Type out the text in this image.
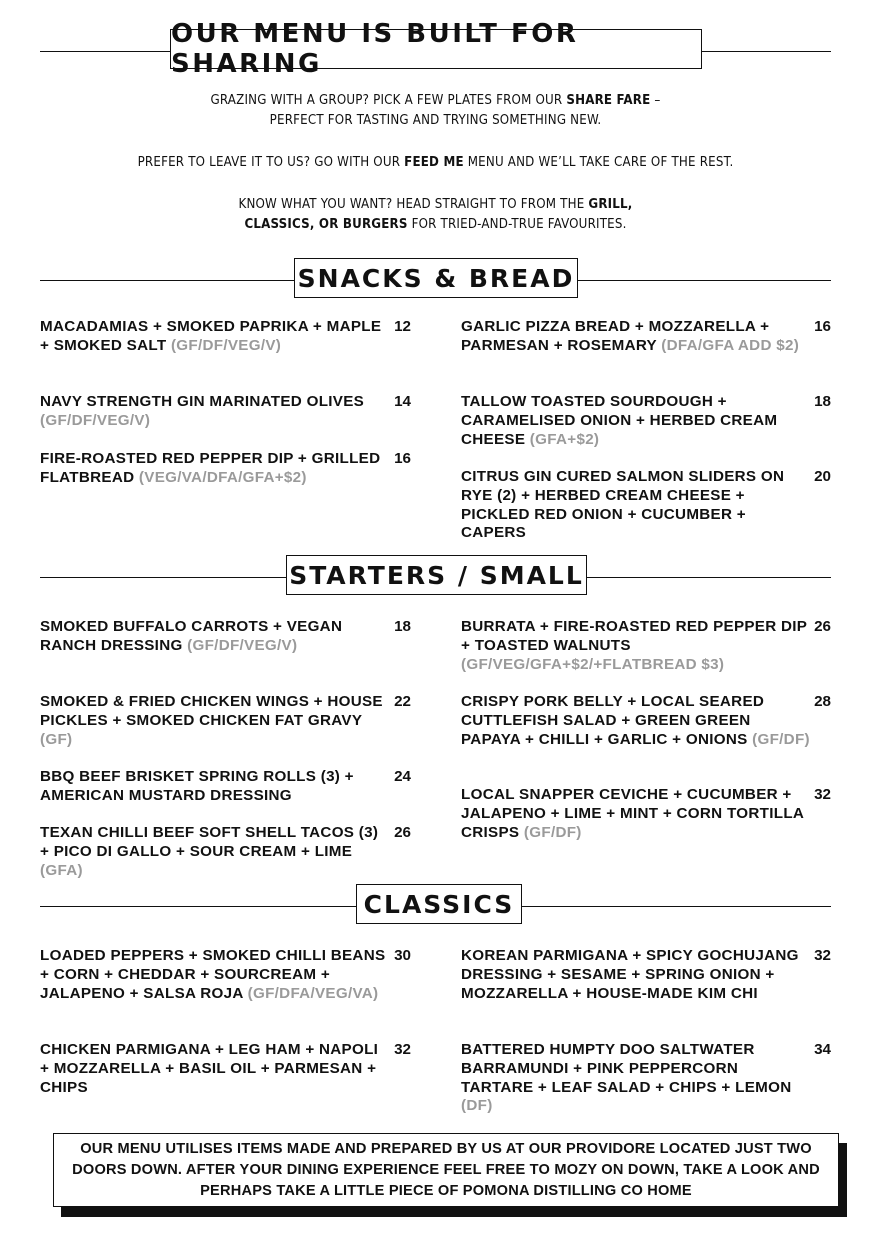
OUR MENU IS BUILT FOR SHARING
GRAZING WITH A GROUP? PICK A FEW PLATES FROM OUR SHARE FARE –
PERFECT FOR TASTING AND TRYING SOMETHING NEW.
PREFER TO LEAVE IT TO US? GO WITH OUR FEED ME MENU AND WE’LL TAKE CARE OF THE REST.
KNOW WHAT YOU WANT? HEAD STRAIGHT TO FROM THE GRILL,
CLASSICS, OR BURGERS FOR TRIED-AND-TRUE FAVOURITES.
SNACKS & BREAD
MACADAMIAS + SMOKED PAPRIKA + MAPLE + SMOKED SALT (GF/DF/VEG/V)
12
NAVY STRENGTH GIN MARINATED OLIVES (GF/DF/VEG/V)
14
FIRE-ROASTED RED PEPPER DIP + GRILLED FLATBREAD (VEG/VA/DFA/GFA+$2)
16
GARLIC PIZZA BREAD + MOZZARELLA + PARMESAN + ROSEMARY (DFA/GFA ADD $2)
16
TALLOW TOASTED SOURDOUGH + CARAMELISED ONION + HERBED CREAM CHEESE (GFA+$2)
18
CITRUS GIN CURED SALMON SLIDERS ON RYE (2) + HERBED CREAM CHEESE + PICKLED RED ONION + CUCUMBER + CAPERS
20
STARTERS / SMALL
SMOKED BUFFALO CARROTS + VEGAN RANCH DRESSING (GF/DF/VEG/V)
18
SMOKED & FRIED CHICKEN WINGS + HOUSE PICKLES + SMOKED CHICKEN FAT GRAVY (GF)
22
BBQ BEEF BRISKET SPRING ROLLS (3) + AMERICAN MUSTARD DRESSING
24
TEXAN CHILLI BEEF SOFT SHELL TACOS (3) + PICO DI GALLO + SOUR CREAM + LIME (GFA)
26
BURRATA + FIRE-ROASTED RED PEPPER DIP + TOASTED WALNUTS (GF/VEG/GFA+$2/+FLATBREAD $3)
26
CRISPY PORK BELLY + LOCAL SEARED CUTTLEFISH SALAD + GREEN GREEN PAPAYA + CHILLI + GARLIC + ONIONS (GF/DF)
28
LOCAL SNAPPER CEVICHE + CUCUMBER + JALAPENO + LIME + MINT + CORN TORTILLA CRISPS (GF/DF)
32
CLASSICS
LOADED PEPPERS + SMOKED CHILLI BEANS + CORN + CHEDDAR + SOURCREAM + JALAPENO + SALSA ROJA (GF/DFA/VEG/VA)
30
CHICKEN PARMIGANA + LEG HAM + NAPOLI + MOZZARELLA + BASIL OIL + PARMESAN + CHIPS
32
KOREAN PARMIGANA + SPICY GOCHUJANG DRESSING + SESAME + SPRING ONION + MOZZARELLA + HOUSE-MADE KIM CHI
32
BATTERED HUMPTY DOO SALTWATER BARRAMUNDI + PINK PEPPERCORN TARTARE + LEAF SALAD + CHIPS + LEMON (DF)
34
OUR MENU UTILISES ITEMS MADE AND PREPARED BY US AT OUR PROVIDORE LOCATED JUST TWO DOORS DOWN. AFTER YOUR DINING EXPERIENCE FEEL FREE TO MOZY ON DOWN, TAKE A LOOK AND PERHAPS TAKE A LITTLE PIECE OF POMONA DISTILLING CO HOME
